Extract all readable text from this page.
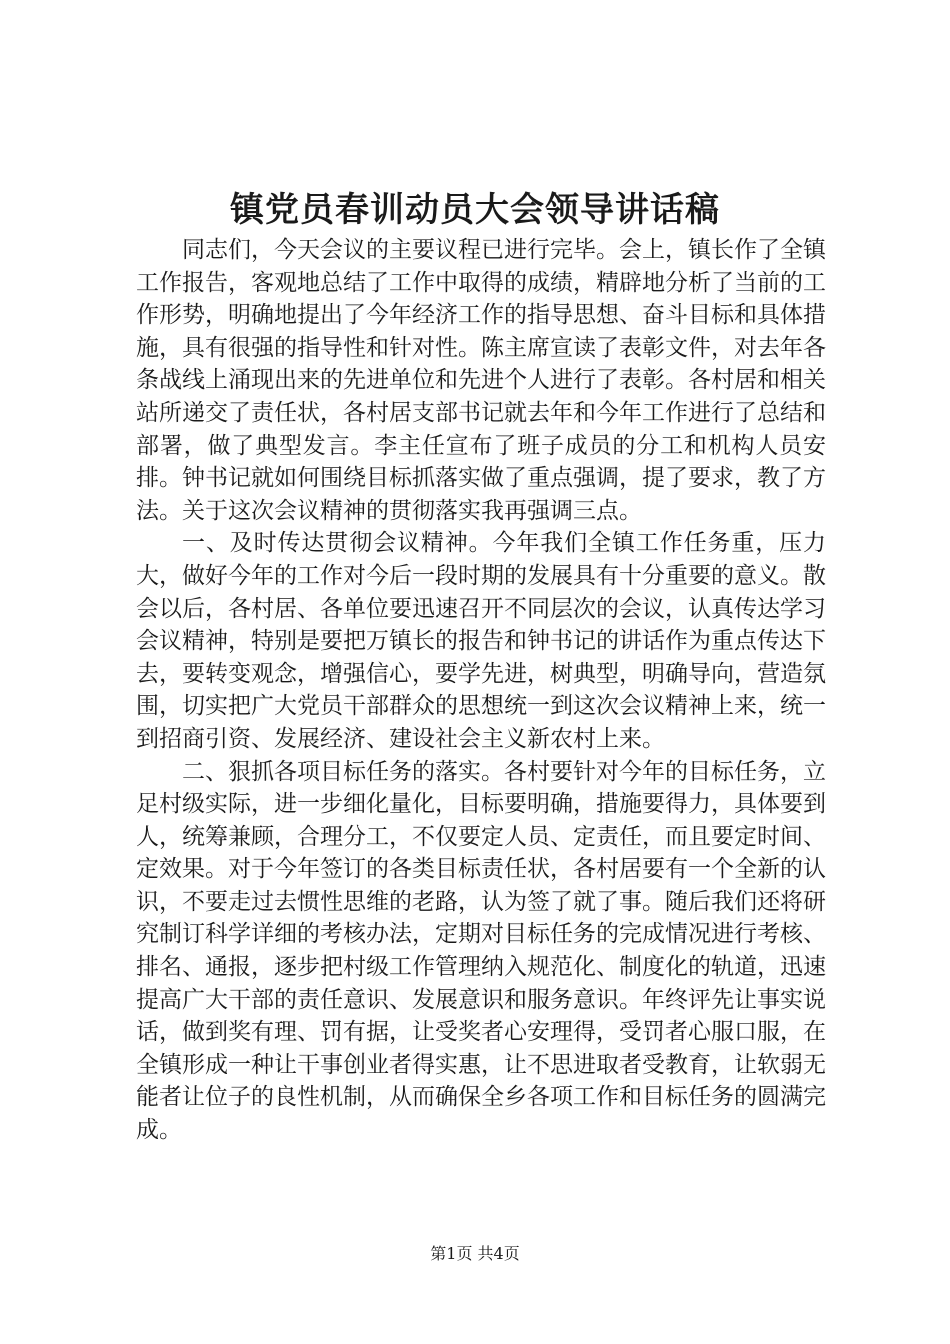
镇党员春训动员大会领导讲话稿

同志们，今天会议的主要议程已进行完毕。会上，镇长作了全镇工作报告，客观地总结了工作中取得的成绩，精辟地分析了当前的工作形势，明确地提出了今年经济工作的指导思想、奋斗目标和具体措施，具有很强的指导性和针对性。陈主席宣读了表彰文件，对去年各条战线上涌现出来的先进单位和先进个人进行了表彰。各村居和相关站所递交了责任状，各村居支部书记就去年和今年工作进行了总结和部署，做了典型发言。李主任宣布了班子成员的分工和机构人员安排。钟书记就如何围绕目标抓落实做了重点强调，提了要求，教了方法。关于这次会议精神的贯彻落实我再强调三点。

一、及时传达贯彻会议精神。今年我们全镇工作任务重，压力大，做好今年的工作对今后一段时期的发展具有十分重要的意义。散会以后，各村居、各单位要迅速召开不同层次的会议，认真传达学习会议精神，特别是要把万镇长的报告和钟书记的讲话作为重点传达下去，要转变观念，增强信心，要学先进，树典型，明确导向，营造氛围，切实把广大党员干部群众的思想统一到这次会议精神上来，统一到招商引资、发展经济、建设社会主义新农村上来。

二、狠抓各项目标任务的落实。各村要针对今年的目标任务，立足村级实际，进一步细化量化，目标要明确，措施要得力，具体要到人，统筹兼顾，合理分工，不仅要定人员、定责任，而且要定时间、定效果。对于今年签订的各类目标责任状，各村居要有一个全新的认识，不要走过去惯性思维的老路，认为签了就了事。随后我们还将研究制订科学详细的考核办法，定期对目标任务的完成情况进行考核、排名、通报，逐步把村级工作管理纳入规范化、制度化的轨道，迅速提高广大干部的责任意识、发展意识和服务意识。年终评先让事实说话，做到奖有理、罚有据，让受奖者心安理得，受罚者心服口服，在全镇形成一种让干事创业者得实惠，让不思进取者受教育，让软弱无能者让位子的良性机制，从而确保全乡各项工作和目标任务的圆满完成。

第1页 共4页
